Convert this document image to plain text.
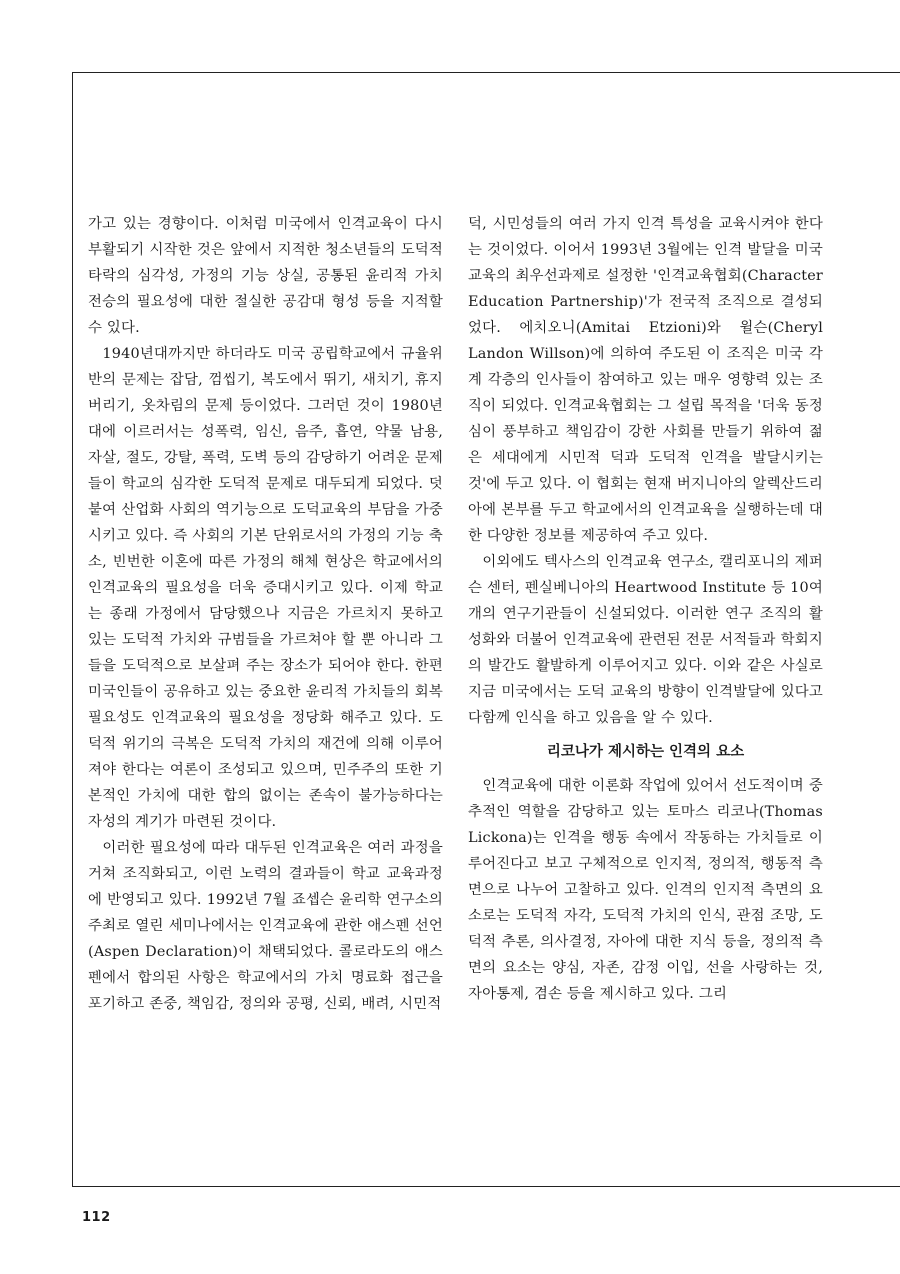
가고 있는 경향이다. 이처럼 미국에서 인격교육이 다시 부활되기 시작한 것은 앞에서 지적한 청소년들의 도덕적 타락의 심각성, 가정의 기능 상실, 공통된 윤리적 가치 전승의 필요성에 대한 절실한 공감대 형성 등을 지적할 수 있다.

1940년대까지만 하더라도 미국 공립학교에서 규율위반의 문제는 잡담, 껌씹기, 복도에서 뛰기, 새치기, 휴지버리기, 옷차림의 문제 등이었다. 그러던 것이 1980년대에 이르러서는 성폭력, 임신, 음주, 흡연, 약물 남용, 자살, 절도, 강탈, 폭력, 도벽 등의 감당하기 어려운 문제들이 학교의 심각한 도덕적 문제로 대두되게 되었다. 덧붙여 산업화 사회의 역기능으로 도덕교육의 부담을 가중시키고 있다. 즉 사회의 기본 단위로서의 가정의 기능 축소, 빈번한 이혼에 따른 가정의 해체 현상은 학교에서의 인격교육의 필요성을 더욱 증대시키고 있다. 이제 학교는 종래 가정에서 담당했으나 지금은 가르치지 못하고 있는 도덕적 가치와 규범들을 가르쳐야 할 뿐 아니라 그들을 도덕적으로 보살펴 주는 장소가 되어야 한다. 한편 미국인들이 공유하고 있는 중요한 윤리적 가치들의 회복 필요성도 인격교육의 필요성을 정당화 해주고 있다. 도덕적 위기의 극복은 도덕적 가치의 재건에 의해 이루어져야 한다는 여론이 조성되고 있으며, 민주주의 또한 기본적인 가치에 대한 합의 없이는 존속이 불가능하다는 자성의 계기가 마련된 것이다.

이러한 필요성에 따라 대두된 인격교육은 여러 과정을 거쳐 조직화되고, 이런 노력의 결과들이 학교 교육과정에 반영되고 있다. 1992년 7월 죠셉슨 윤리학 연구소의 주최로 열린 세미나에서는 인격교육에 관한 애스펜 선언(Aspen Declaration)이 채택되었다. 콜로라도의 애스펜에서 합의된 사항은 학교에서의 가치 명료화 접근을 포기하고 존중, 책임감, 정의와 공평, 신뢰, 배려, 시민적

덕, 시민성들의 여러 가지 인격 특성을 교육시켜야 한다는 것이었다. 이어서 1993년 3월에는 인격 발달을 미국 교육의 최우선과제로 설정한 '인격교육협회(Character Education Partnership)'가 전국적 조직으로 결성되었다. 에치오니(Amitai Etzioni)와 윌슨(Cheryl Landon Willson)에 의하여 주도된 이 조직은 미국 각계 각층의 인사들이 참여하고 있는 매우 영향력 있는 조직이 되었다. 인격교육협회는 그 설립 목적을 '더욱 동정심이 풍부하고 책임감이 강한 사회를 만들기 위하여 젊은 세대에게 시민적 덕과 도덕적 인격을 발달시키는 것'에 두고 있다. 이 협회는 현재 버지니아의 알렉산드리아에 본부를 두고 학교에서의 인격교육을 실행하는데 대한 다양한 정보를 제공하여 주고 있다.

이외에도 텍사스의 인격교육 연구소, 캘리포니의 제퍼슨 센터, 펜실베니아의 Heartwood Institute 등 10여개의 연구기관들이 신설되었다. 이러한 연구 조직의 활성화와 더불어 인격교육에 관련된 전문 서적들과 학회지의 발간도 활발하게 이루어지고 있다. 이와 같은 사실로 지금 미국에서는 도덕 교육의 방향이 인격발달에 있다고 다함께 인식을 하고 있음을 알 수 있다.

리코나가 제시하는 인격의 요소

인격교육에 대한 이론화 작업에 있어서 선도적이며 중추적인 역할을 감당하고 있는 토마스 리코나(Thomas Lickona)는 인격을 행동 속에서 작동하는 가치들로 이루어진다고 보고 구체적으로 인지적, 정의적, 행동적 측면으로 나누어 고찰하고 있다. 인격의 인지적 측면의 요소로는 도덕적 자각, 도덕적 가치의 인식, 관점 조망, 도덕적 추론, 의사결정, 자아에 대한 지식 등을, 정의적 측면의 요소는 양심, 자존, 감정 이입, 선을 사랑하는 것, 자아통제, 겸손 등을 제시하고 있다. 그리

112
